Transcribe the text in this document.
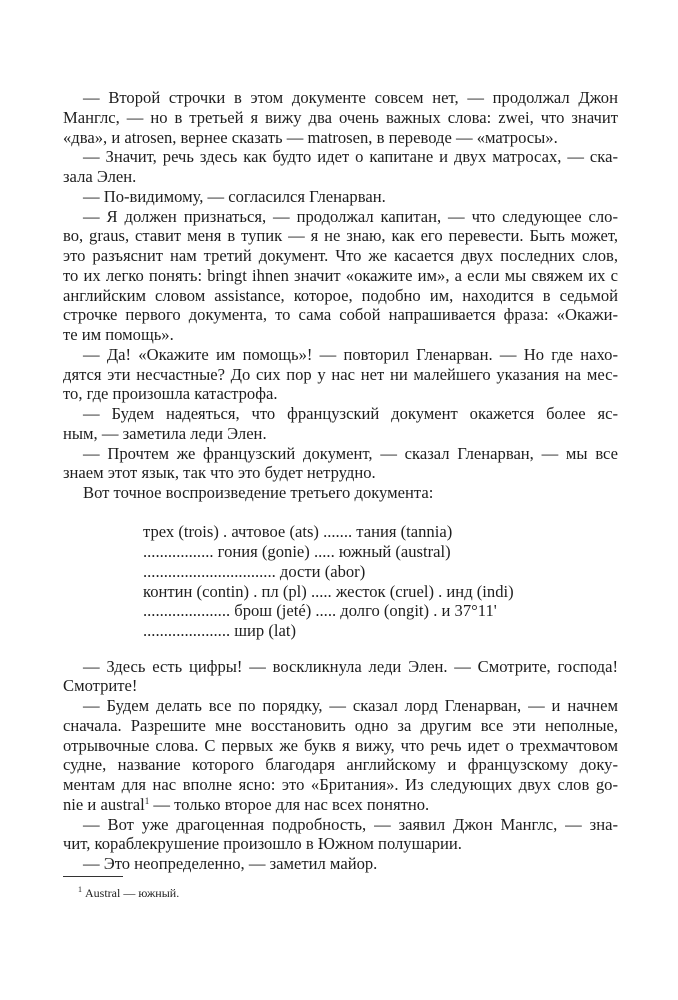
— Второй строчки в этом документе совсем нет, — продолжал Джон
Манглс, — но в третьей я вижу два очень важных слова: zwei, что значит
«два», и atrosen, вернее сказать — matrosen, в переводе — «матросы».
— Значит, речь здесь как будто идет о капитане и двух матросах, — ска-
зала Элен.
— По-видимому, — согласился Гленарван.
— Я должен признаться, — продолжал капитан, — что следующее сло-
во, graus, ставит меня в тупик — я не знаю, как его перевести. Быть может,
это разъяснит нам третий документ. Что же касается двух последних слов,
то их легко понять: bringt ihnen значит «окажите им», а если мы свяжем их с
английским словом assistance, которое, подобно им, находится в седьмой
строчке первого документа, то сама собой напрашивается фраза: «Окажи-
те им помощь».
— Да! «Окажите им помощь»! — повторил Гленарван. — Но где нахо-
дятся эти несчастные? До сих пор у нас нет ни малейшего указания на мес-
то, где произошла катастрофа.
— Будем надеяться, что французский документ окажется более яс-
ным, — заметила леди Элен.
— Прочтем же французский документ, — сказал Гленарван, — мы все
знаем этот язык, так что это будет нетрудно.
Вот точное воспроизведение третьего документа:
трех (trois) . ачтовое (ats) ....... тания (tannia)
................. гония (gonie) ..... южный (austral)
................................ дости (abor)
контин (contin) . пл (pl) ..... жесток (cruel) . инд (indi)
..................... брош (jeté) ..... долго (ongit) . и 37°11'
..................... шир (lat)
— Здесь есть цифры! — воскликнула леди Элен. — Смотрите, господа!
Смотрите!
— Будем делать все по порядку, — сказал лорд Гленарван, — и начнем
сначала. Разрешите мне восстановить одно за другим все эти неполные,
отрывочные слова. С первых же букв я вижу, что речь идет о трехмачтовом
судне, название которого благодаря английскому и французскому доку-
ментам для нас вполне ясно: это «Британия». Из следующих двух слов go-
nie и austral$^1$ — только второе для нас всех понятно.
— Вот уже драгоценная подробность, — заявил Джон Манглс, — зна-
чит, кораблекрушение произошло в Южном полушарии.
— Это неопределенно, — заметил майор.
$^1$ Austral — южный.
